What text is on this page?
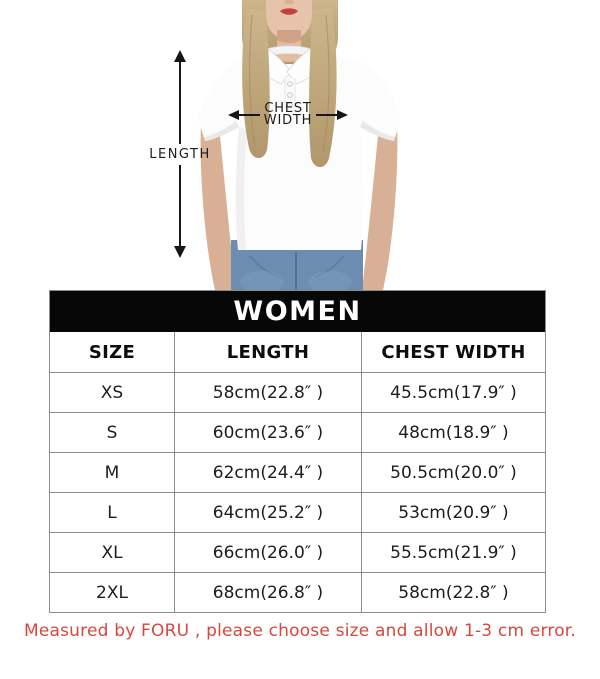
LENGTH
CHEST
WIDTH
WOMEN
SIZE	LENGTH	CHEST WIDTH
XS	58cm(22.8″ )	45.5cm(17.9″ )
S	60cm(23.6″ )	48cm(18.9″ )
M	62cm(24.4″ )	50.5cm(20.0″ )
L	64cm(25.2″ )	53cm(20.9″ )
XL	66cm(26.0″ )	55.5cm(21.9″ )
2XL	68cm(26.8″ )	58cm(22.8″ )
Measured by FORU , please choose size and allow 1-3 cm error.
